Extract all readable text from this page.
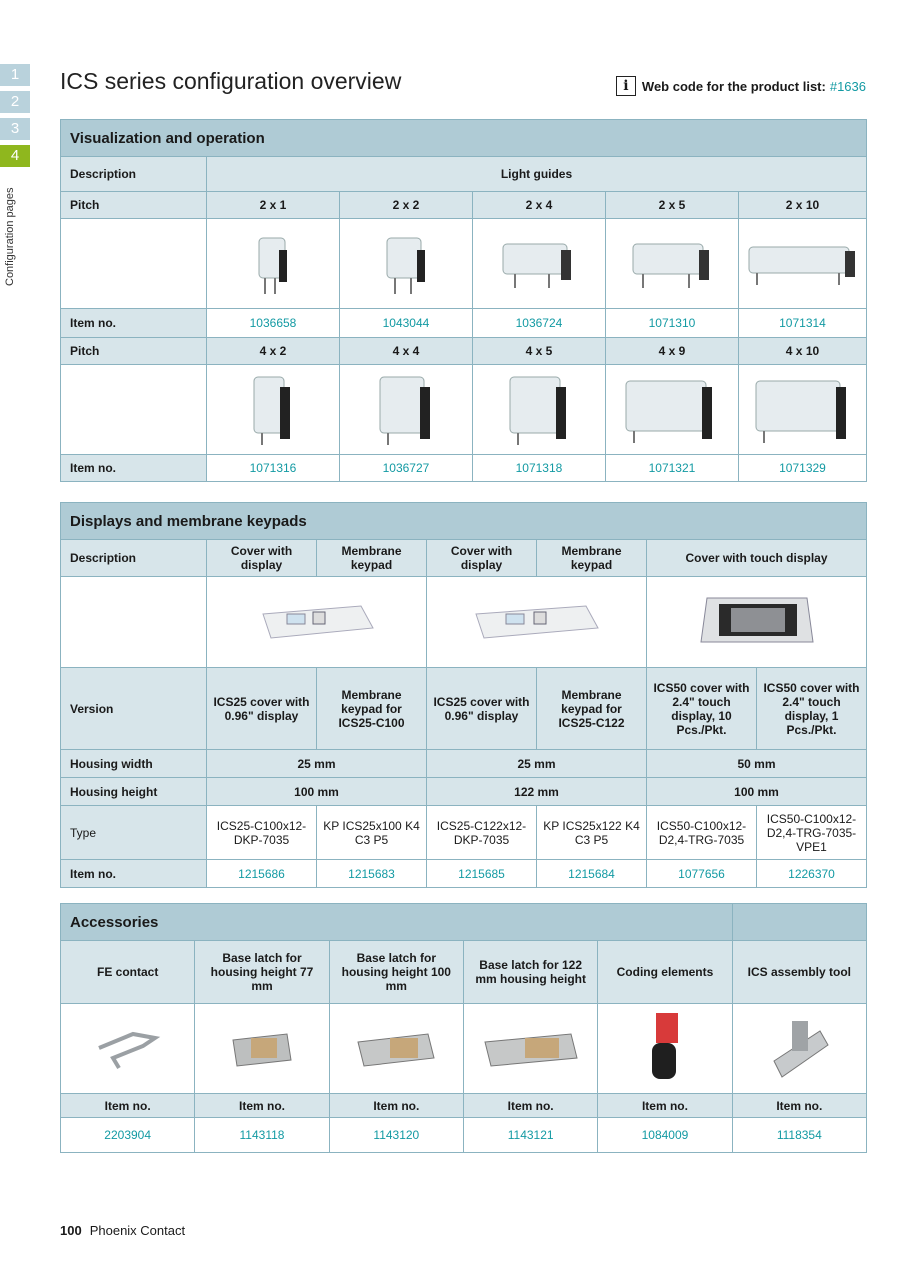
1
2
3
4
Configuration pages
ICS series configuration overview	i	Web code for the product list: #1636
Visualization and operation					
Description	Light guides				
Pitch	2 x 1	2 x 2	2 x 4	2 x 5	2 x 10

Item no.	1036658	1043044	1036724	1071310	1071314
Pitch	4 x 2	4 x 4	4 x 5	4 x 9	4 x 10

Item no.	1071316	1036727	1071318	1071321	1071329
Displays and membrane keypads						
Description	Cover with display	Membrane keypad	Cover with display	Membrane keypad	Cover with touch display	

Version	ICS25 cover with 0.96" display	Membrane keypad for ICS25-C100	ICS25 cover with 0.96" display	Membrane keypad for ICS25-C122	ICS50 cover with 2.4" touch display, 10 Pcs./Pkt.	ICS50 cover with 2.4" touch display, 1 Pcs./Pkt.
Housing width	25 mm		25 mm		50 mm	
Housing height	100 mm		122 mm		100 mm	
Type	ICS25-C100x12-DKP-7035	KP ICS25x100 K4 C3 P5	ICS25-C122x12-DKP-7035	KP ICS25x122 K4 C3 P5	ICS50-C100x12-D2,4-TRG-7035	ICS50-C100x12-D2,4-TRG-7035-VPE1
Item no.	1215686	1215683	1215685	1215684	1077656	1226370
Accessories					
FE contact	Base latch for housing height 77 mm	Base latch for housing height 100 mm	Base latch for 122 mm housing height	Coding elements	ICS assembly tool

Item no.	Item no.	Item no.	Item no.	Item no.	Item no.
2203904	1143118	1143120	1143121	1084009	1118354
100 Phoenix Contact
